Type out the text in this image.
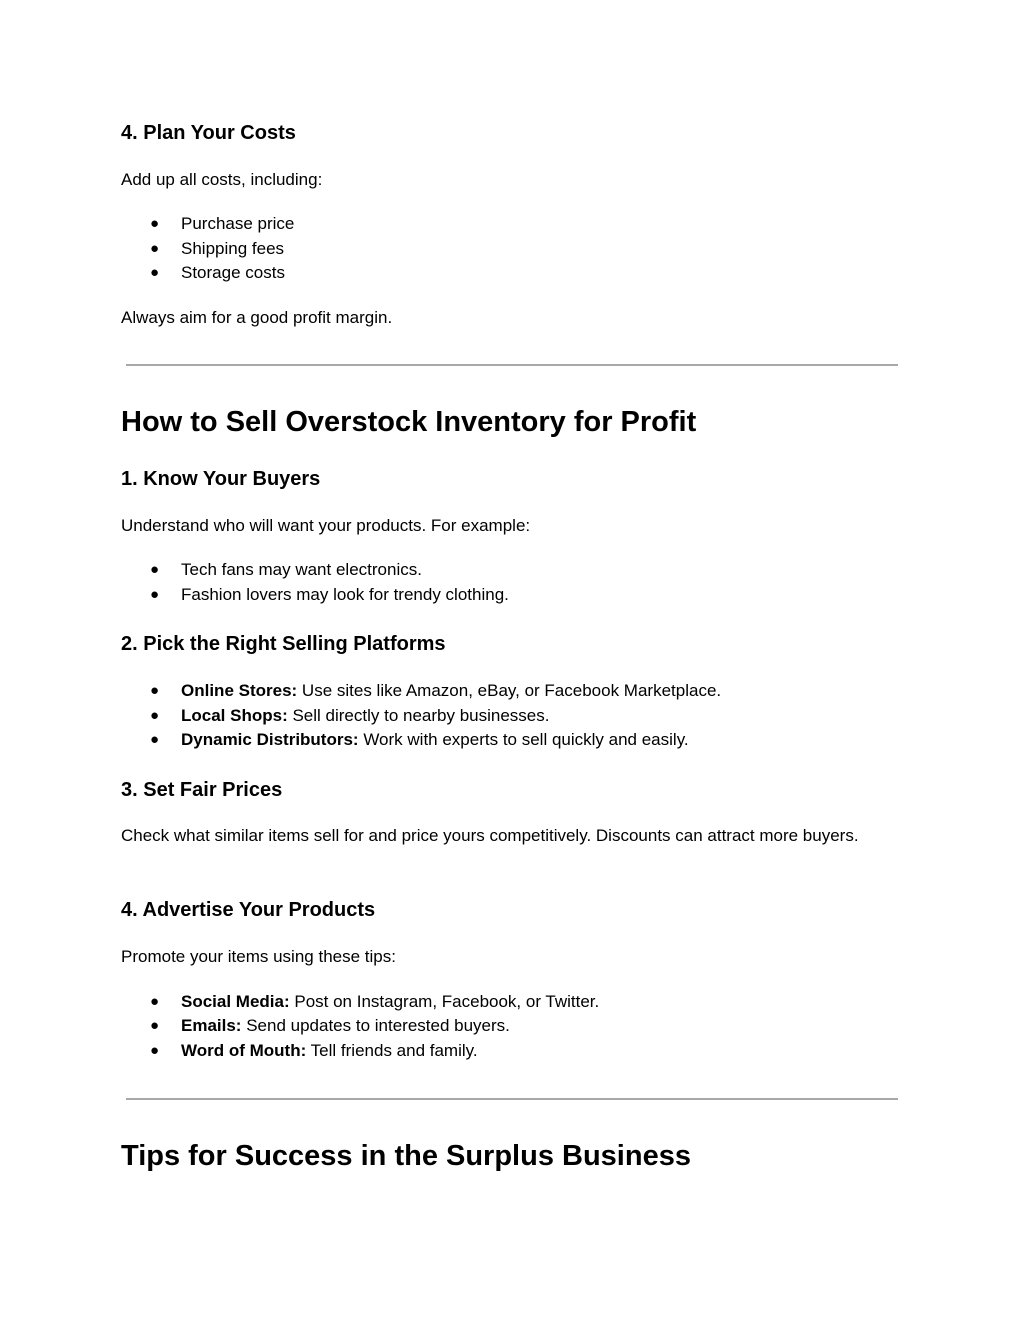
4. Plan Your Costs

Add up all costs, including:

● Purchase price
● Shipping fees
● Storage costs

Always aim for a good profit margin.

How to Sell Overstock Inventory for Profit
1. Know Your Buyers

Understand who will want your products. For example:

● Tech fans may want electronics.
● Fashion lovers may look for trendy clothing.
2. Pick the Right Selling Platforms
● Online Stores: Use sites like Amazon, eBay, or Facebook Marketplace.
● Local Shops: Sell directly to nearby businesses.
● Dynamic Distributors: Work with experts to sell quickly and easily.
3. Set Fair Prices

Check what similar items sell for and price yours competitively. Discounts can attract more buyers.

4. Advertise Your Products

Promote your items using these tips:

● Social Media: Post on Instagram, Facebook, or Twitter.
● Emails: Send updates to interested buyers.
● Word of Mouth: Tell friends and family.
Tips for Success in the Surplus Business
